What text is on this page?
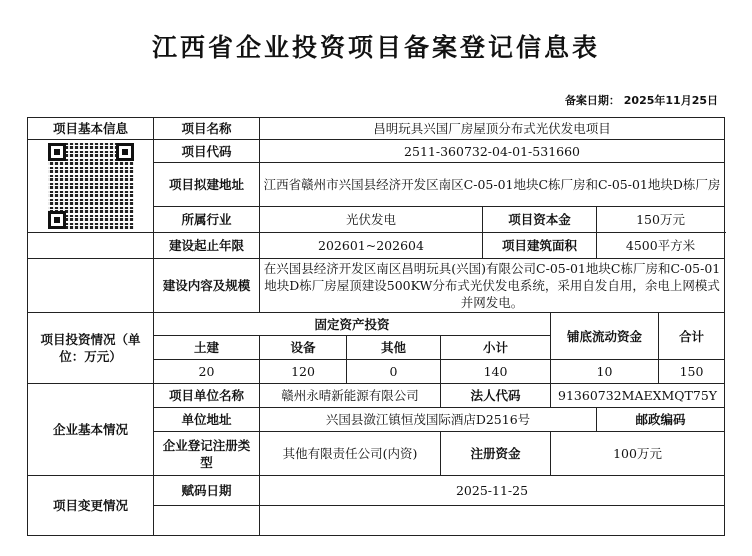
江西省企业投资项目备案登记信息表
备案日期： 2025年11月25日
项目基本信息	项目名称	昌明玩具兴国厂房屋顶分布式光伏发电项目							

	项目代码	2511-360732-04-01-531660							
	项目拟建地址	江西省赣州市兴国县经济开发区南区C-05-01地块C栋厂房和C-05-01地块D栋厂房							
	所属行业	光伏发电			项目资本金		150万元		
	建设起止年限	202601~202604			项目建筑面积		4500平方米		
	建设内容及规模	在兴国县经济开发区南区昌明玩具(兴国)有限公司C-05-01地块C栋厂房和C-05-01地块D栋厂房屋顶建设500KW分布式光伏发电系统，采用自发自用，余电上网模式并网发电。							
项目投资情况（单位：万元）	固定资产投资					铺底流动资金		合计	
	土建	设备	其他	小计					
	20	120	0	140		10		150	
企业基本情况	项目单位名称	赣州永晴新能源有限公司		法人代码		91360732MAEXMQT75Y			
	单位地址	兴国县潋江镇恒茂国际酒店D2516号					邮政编码	
	企业登记注册类型	其他有限责任公司(内资)		注册资金		100万元			
项目变更情况	赋码日期	2025-11-25							
